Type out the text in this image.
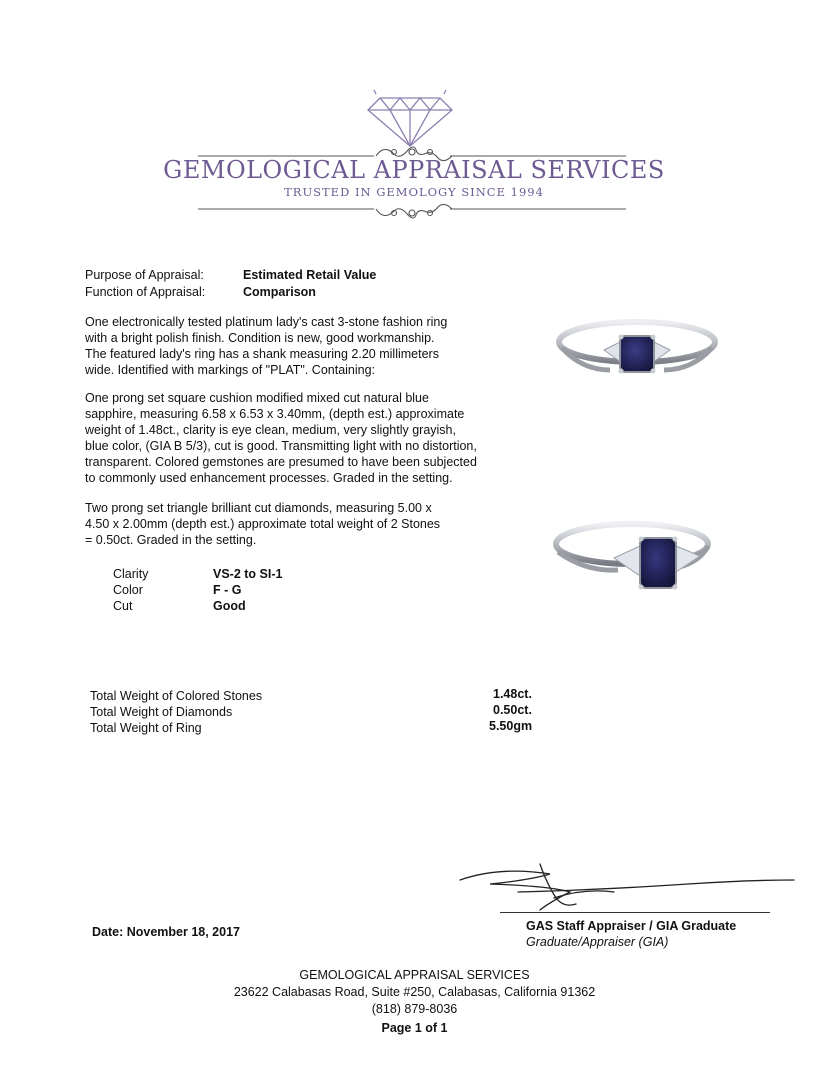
GEMOLOGICAL APPRAISAL SERVICES
TRUSTED IN GEMOLOGY SINCE 1994
Purpose of Appraisal:	Estimated Retail Value
Function of Appraisal:	Comparison
One electronically tested platinum lady's cast 3-stone fashion ring
with a bright polish finish. Condition is new, good workmanship.
The featured lady's ring has a shank measuring 2.20 millimeters
wide. Identified with markings of "PLAT". Containing:
One prong set square cushion modified mixed cut natural blue
sapphire, measuring 6.58 x 6.53 x 3.40mm, (depth est.) approximate
weight of 1.48ct., clarity is eye clean, medium, very slightly grayish,
blue color, (GIA B 5/3), cut is good. Transmitting light with no distortion,
transparent. Colored gemstones are presumed to have been subjected
to commonly used enhancement processes. Graded in the setting.
Two prong set triangle brilliant cut diamonds, measuring 5.00 x
4.50 x 2.00mm (depth est.) approximate total weight of 2 Stones
= 0.50ct. Graded in the setting.
Clarity	VS-2 to SI-1
Color	F - G
Cut	Good
Total Weight of Colored Stones	1.48ct.
Total Weight of Diamonds	0.50ct.
Total Weight of Ring	5.50gm
Date: November 18, 2017	GAS Staff Appraiser / GIA Graduate
Graduate/Appraiser (GIA)
GEMOLOGICAL APPRAISAL SERVICES
23622 Calabasas Road, Suite #250, Calabasas, California 91362
(818) 879-8036
Page 1 of 1
